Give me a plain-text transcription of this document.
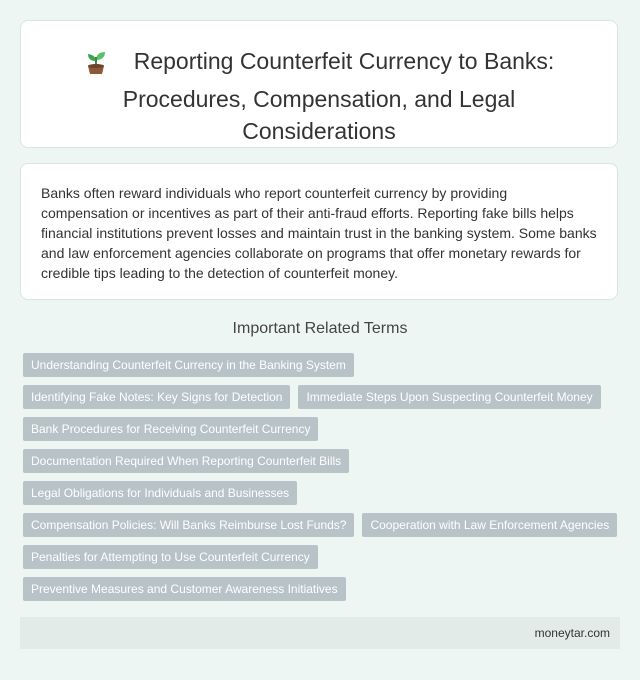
Reporting Counterfeit Currency to Banks: Procedures, Compensation, and Legal Considerations

Banks often reward individuals who report counterfeit currency by providing compensation or incentives as part of their anti-fraud efforts. Reporting fake bills helps financial institutions prevent losses and maintain trust in the banking system. Some banks and law enforcement agencies collaborate on programs that offer monetary rewards for credible tips leading to the detection of counterfeit money.

Important Related Terms
Understanding Counterfeit Currency in the Banking System
Identifying Fake Notes: Key Signs for Detection	Immediate Steps Upon Suspecting Counterfeit Money
Bank Procedures for Receiving Counterfeit Currency
Documentation Required When Reporting Counterfeit Bills
Legal Obligations for Individuals and Businesses
Compensation Policies: Will Banks Reimburse Lost Funds?	Cooperation with Law Enforcement Agencies
Penalties for Attempting to Use Counterfeit Currency
Preventive Measures and Customer Awareness Initiatives
moneytar.com
